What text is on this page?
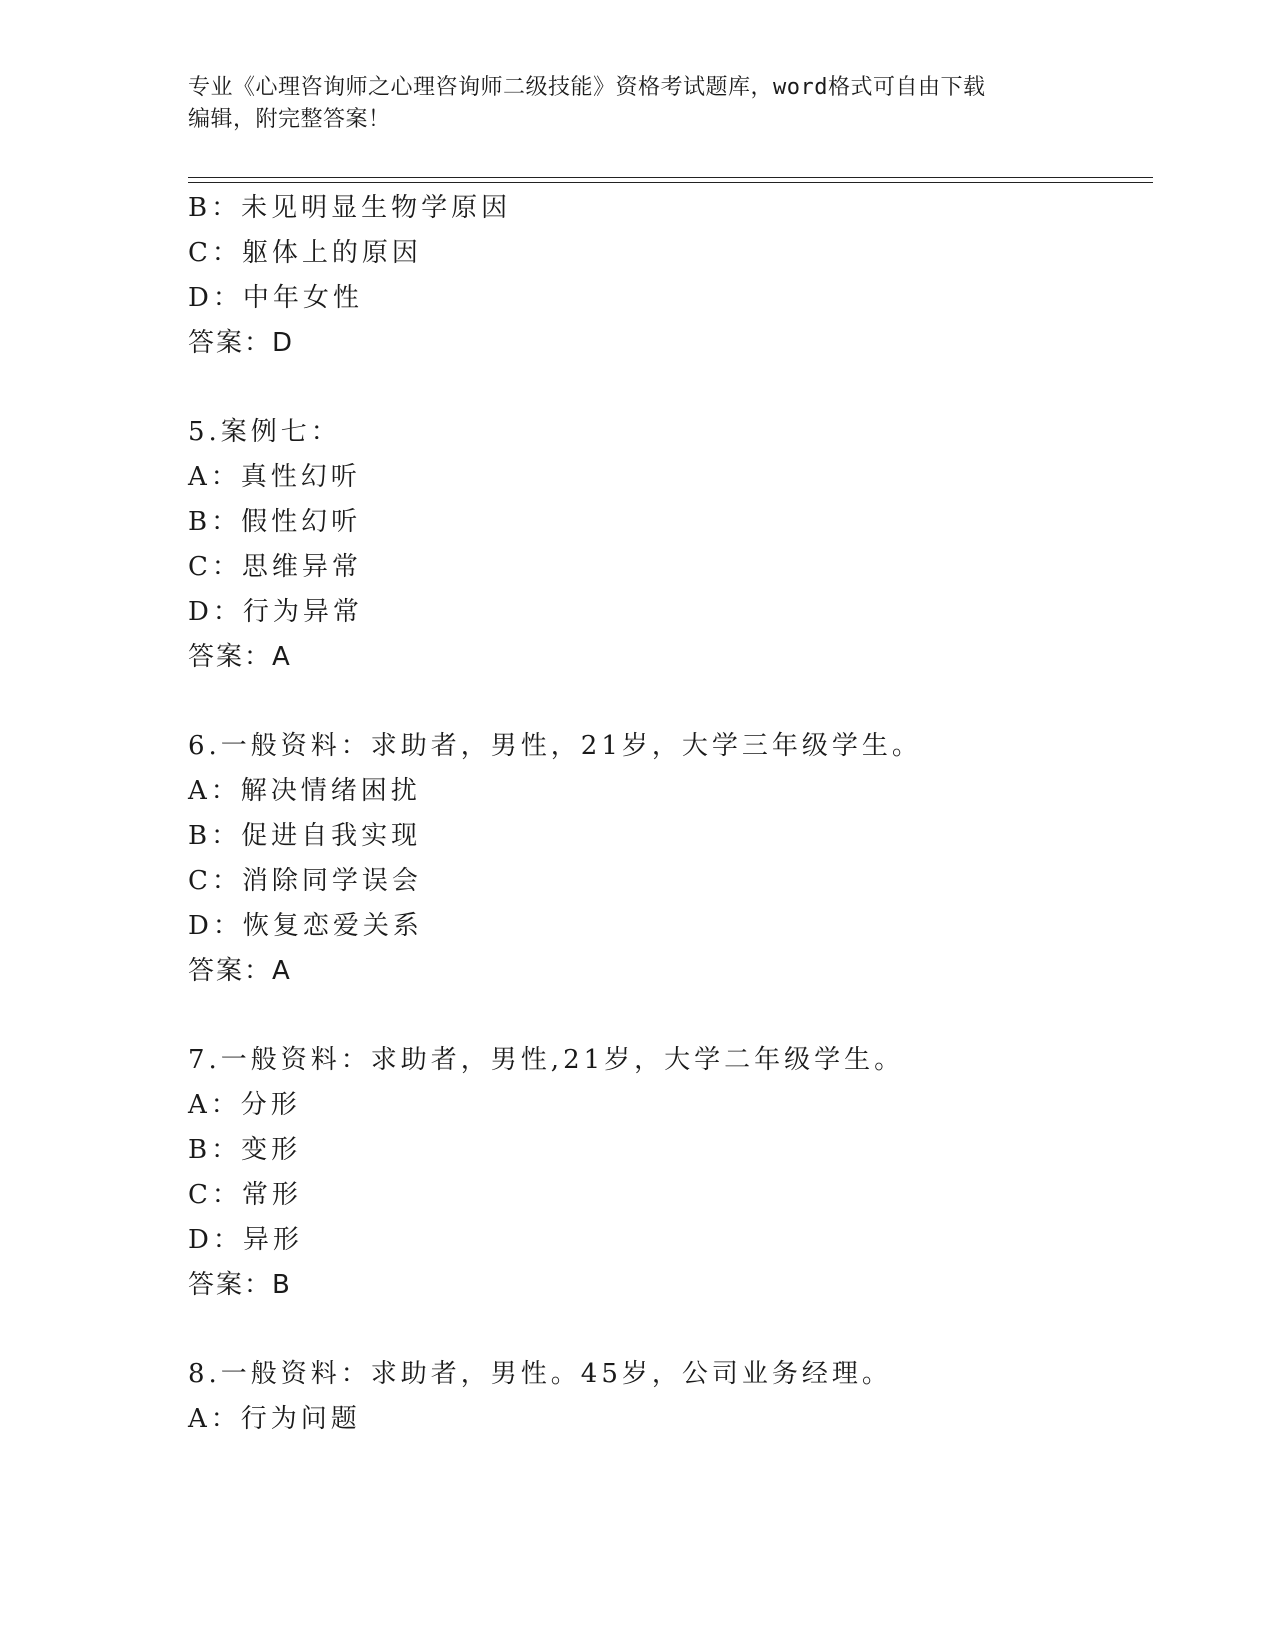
专业《心理咨询师之心理咨询师二级技能》资格考试题库，word格式可自由下载
编辑，附完整答案！
B：未见明显生物学原因
C：躯体上的原因
D：中年女性
答案：D
5.案例七：
A：真性幻听
B：假性幻听
C：思维异常
D：行为异常
答案：A
6.一般资料：求助者，男性，21岁，大学三年级学生。
A：解决情绪困扰
B：促进自我实现
C：消除同学误会
D：恢复恋爱关系
答案：A
7.一般资料：求助者，男性,21岁，大学二年级学生。
A：分形
B：变形
C：常形
D：异形
答案：B
8.一般资料：求助者，男性。45岁，公司业务经理。
A：行为问题
